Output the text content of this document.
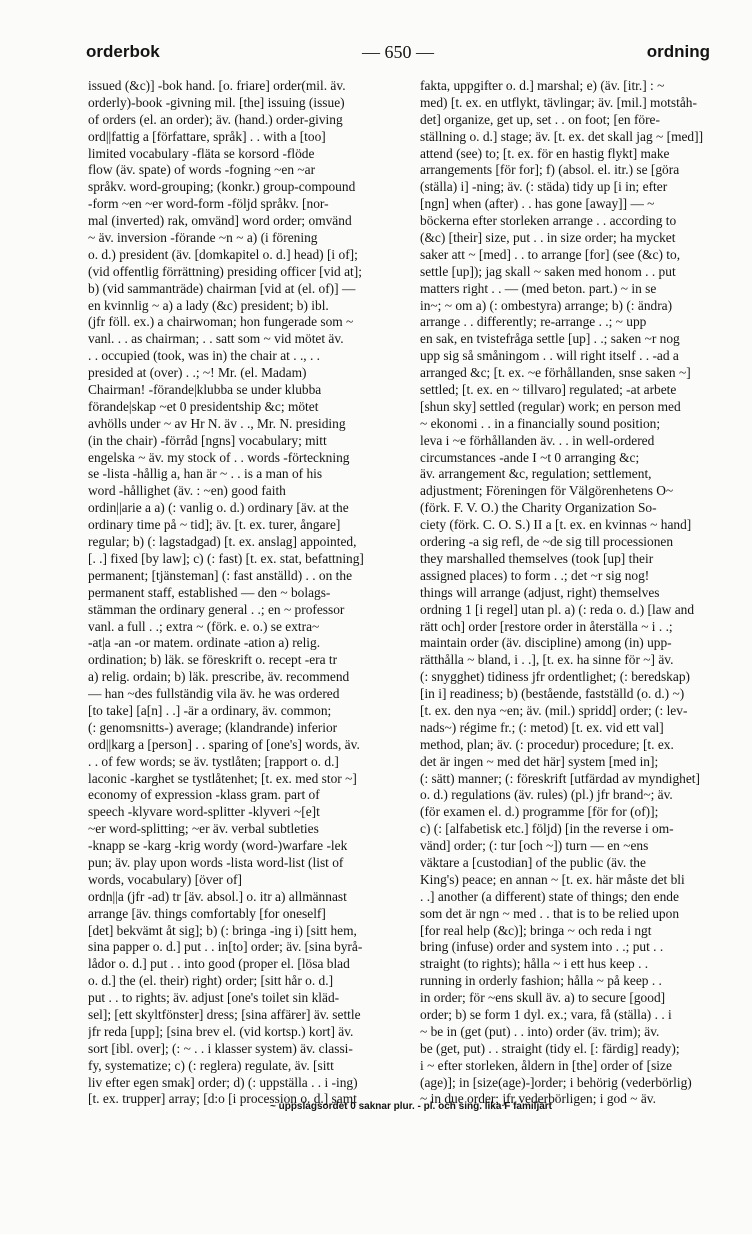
orderbok	— 650 —	ordning
issued (&c)] -bok hand. [o. friare] order(mil. äv.
orderly)-book -givning mil. [the] issuing (issue)
of orders (el. an order); äv. (hand.) order-giving
ord||fattig a [författare, språk] . . with a [too]
limited vocabulary -fläta se korsord -flöde
flow (äv. spate) of words -fogning ~en ~ar
språkv. word-grouping; (konkr.) group-compound
-form ~en ~er word-form -följd språkv. [nor-
mal (inverted) rak, omvänd] word order; omvänd
~ äv. inversion -förande ~n ~ a) (i förening
o. d.) president (äv. [domkapitel o. d.] head) [i of];
(vid offentlig förrättning) presiding officer [vid at];
b) (vid sammanträde) chairman [vid at (el. of)] —
en kvinnlig ~ a) a lady (&c) president; b) ibl.
(jfr föll. ex.) a chairwoman; hon fungerade som ~
vanl. . . as chairman; . . satt som ~ vid mötet äv.
. . occupied (took, was in) the chair at . ., . .
presided at (over) . .; ~! Mr. (el. Madam)
Chairman! -förande|klubba se under klubba
förande|skap ~et 0 presidentship &c; mötet
avhölls under ~ av Hr N. äv . ., Mr. N. presiding
(in the chair) -förråd [ngns] vocabulary; mitt
engelska ~ äv. my stock of . . words -förteckning
se -lista -hållig a, han är ~ . . is a man of his
word -hållighet (äv. : ~en) good faith
ordin||arie a a) (: vanlig o. d.) ordinary [äv. at the
ordinary time på ~ tid]; äv. [t. ex. turer, ångare]
regular; b) (: lagstadgad) [t. ex. anslag] appointed,
[. .] fixed [by law]; c) (: fast) [t. ex. stat, befattning]
permanent; [tjänsteman] (: fast anställd) . . on the
permanent staff, established — den ~ bolags-
stämman the ordinary general . .; en ~ professor
vanl. a full . .; extra ~ (förk. e. o.) se extra~
-at|a -an -or matem. ordinate -ation a) relig.
ordination; b) läk. se föreskrift o. recept -era tr
a) relig. ordain; b) läk. prescribe, äv. recommend
— han ~des fullständig vila äv. he was ordered
[to take] [a[n] . .] -är a ordinary, äv. common;
(: genomsnitts-) average; (klandrande) inferior
ord||karg a [person] . . sparing of [one's] words, äv.
. . of few words; se äv. tystlåten; [rapport o. d.]
laconic -karghet se tystlåtenhet; [t. ex. med stor ~]
economy of expression -klass gram. part of
speech -klyvare word-splitter -klyveri ~[e]t
~er word-splitting; ~er äv. verbal subtleties
-knapp se -karg -krig wordy (word-)warfare -lek
pun; äv. play upon words -lista word-list (list of
words, vocabulary) [över of]
ordn||a (jfr -ad) tr [äv. absol.] o. itr a) allmännast
arrange [äv. things comfortably [for oneself]
[det] bekvämt åt sig]; b) (: bringa -ing i) [sitt hem,
sina papper o. d.] put . . in[to] order; äv. [sina byrå-
lådor o. d.] put . . into good (proper el. [lösa blad
o. d.] the (el. their) right) order; [sitt hår o. d.]
put . . to rights; äv. adjust [one's toilet sin kläd-
sel]; [ett skyltfönster] dress; [sina affärer] äv. settle
jfr reda [upp]; [sina brev el. (vid kortsp.) kort] äv.
sort [ibl. over]; (: ~ . . i klasser system) äv. classi-
fy, systematize; c) (: reglera) regulate, äv. [sitt
liv efter egen smak] order; d) (: uppställa . . i -ing)
[t. ex. trupper] array; [d:o [i procession o. d.] samt
fakta, uppgifter o. d.] marshal; e) (äv. [itr.] : ~
med) [t. ex. en utflykt, tävlingar; äv. [mil.] motståh-
det] organize, get up, set . . on foot; [en före-
ställning o. d.] stage; äv. [t. ex. det skall jag ~ [med]]
attend (see) to; [t. ex. för en hastig flykt] make
arrangements [för for]; f) (absol. el. itr.) se [göra
(ställa) i] -ning; äv. (: städa) tidy up [i in; efter
[ngn] when (after) . . has gone [away]] — ~
böckerna efter storleken arrange . . according to
(&c) [their] size, put . . in size order; ha mycket
saker att ~ [med] . . to arrange [for] (see (&c) to,
settle [up]); jag skall ~ saken med honom . . put
matters right . . — (med beton. part.) ~ in se
in~; ~ om a) (: ombestyra) arrange; b) (: ändra)
arrange . . differently; re-arrange . .; ~ upp
en sak, en tvistefråga settle [up] . .; saken ~r nog
upp sig så småningom . . will right itself . . -ad a
arranged &c; [t. ex. ~e förhållanden, snse saken ~]
settled; [t. ex. en ~ tillvaro] regulated; -at arbete
[shun sky] settled (regular) work; en person med
~ ekonomi . . in a financially sound position;
leva i ~e förhållanden äv. . . in well-ordered
circumstances -ande I ~t 0 arranging &c;
äv. arrangement &c, regulation; settlement,
adjustment; Föreningen för Välgörenhetens O~
(förk. F. V. O.) the Charity Organization So-
ciety (förk. C. O. S.) II a [t. ex. en kvinnas ~ hand]
ordering -a sig refl, de ~de sig till processionen
they marshalled themselves (took [up] their
assigned places) to form . .; det ~r sig nog!
things will arrange (adjust, right) themselves
ordning 1 [i regel] utan pl. a) (: reda o. d.) [law and
rätt och] order [restore order in återställa ~ i . .;
maintain order (äv. discipline) among (in) upp-
rätthålla ~ bland, i . .], [t. ex. ha sinne för ~] äv.
(: snygghet) tidiness jfr ordentlighet; (: beredskap)
[in i] readiness; b) (bestående, fastställd (o. d.) ~)
[t. ex. den nya ~en; äv. (mil.) spridd] order; (: lev-
nads~) régime fr.; (: metod) [t. ex. vid ett val]
method, plan; äv. (: procedur) procedure; [t. ex.
det är ingen ~ med det här] system [med in];
(: sätt) manner; (: föreskrift [utfärdad av myndighet]
o. d.) regulations (äv. rules) (pl.) jfr brand~; äv.
(för examen el. d.) programme [för for (of)];
c) (: [alfabetisk etc.] följd) [in the reverse i om-
vänd] order; (: tur [och ~]) turn — en ~ens
väktare a [custodian] of the public (äv. the
King's) peace; en annan ~ [t. ex. här måste det bli
. .] another (a different) state of things; den ende
som det är ngn ~ med . . that is to be relied upon
[for real help (&c)]; bringa ~ och reda i ngt
bring (infuse) order and system into . .; put . .
straight (to rights); hålla ~ i ett hus keep . .
running in orderly fashion; hålla ~ på keep . .
in order; för ~ens skull äv. a) to secure [good]
order; b) se form 1 dyl. ex.; vara, få (ställa) . . i
~ be in (get (put) . . into) order (äv. trim); äv.
be (get, put) . . straight (tidy el. [: färdig] ready);
i ~ efter storleken, åldern in [the] order of [size
(age)]; in [size(age)-]order; i behörig (vederbörlig)
~ in due order; jfr vederbörligen; i god ~ äv.
~ uppslagsordet 0 saknar plur. - pl. och sing. lika F familjärt
